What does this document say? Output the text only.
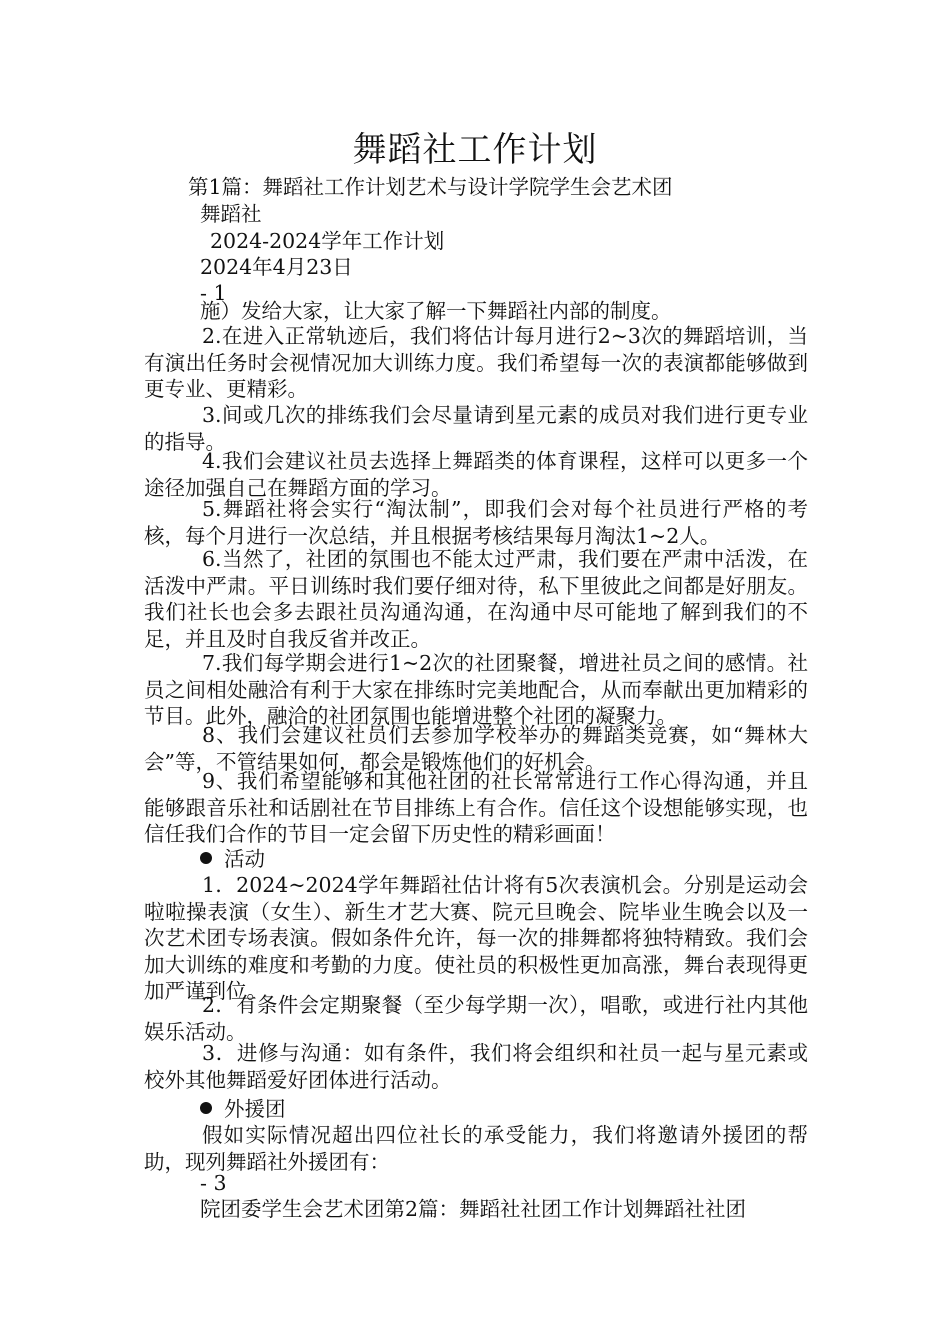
舞蹈社工作计划
第1篇：舞蹈社工作计划艺术与设计学院学生会艺术团
舞蹈社
2024-2024学年工作计划
2024年4月23日
- 1
施）发给大家，让大家了解一下舞蹈社内部的制度。
2.在进入正常轨迹后，我们将估计每月进行2~3次的舞蹈培训，当有演出任务时会视情况加大训练力度。我们希望每一次的表演都能够做到更专业、更精彩。
3.间或几次的排练我们会尽量请到星元素的成员对我们进行更专业的指导。
4.我们会建议社员去选择上舞蹈类的体育课程，这样可以更多一个途径加强自己在舞蹈方面的学习。
5.舞蹈社将会实行“淘汰制”，即我们会对每个社员进行严格的考核，每个月进行一次总结，并且根据考核结果每月淘汰1~2人。
6.当然了，社团的氛围也不能太过严肃，我们要在严肃中活泼，在活泼中严肃。平日训练时我们要仔细对待，私下里彼此之间都是好朋友。我们社长也会多去跟社员沟通沟通，在沟通中尽可能地了解到我们的不足，并且及时自我反省并改正。
7.我们每学期会进行1~2次的社团聚餐，增进社员之间的感情。社员之间相处融洽有利于大家在排练时完美地配合，从而奉献出更加精彩的节目。此外，融洽的社团氛围也能增进整个社团的凝聚力。
8、我们会建议社员们去参加学校举办的舞蹈类竞赛，如“舞林大会”等，不管结果如何，都会是锻炼他们的好机会。
9、我们希望能够和其他社团的社长常常进行工作心得沟通，并且能够跟音乐社和话剧社在节目排练上有合作。信任这个设想能够实现，也信任我们合作的节目一定会留下历史性的精彩画面！
活动
1．2024~2024学年舞蹈社估计将有5次表演机会。分别是运动会啦啦操表演（女生）、新生才艺大赛、院元旦晚会、院毕业生晚会以及一次艺术团专场表演。假如条件允许，每一次的排舞都将独特精致。我们会加大训练的难度和考勤的力度。使社员的积极性更加高涨，舞台表现得更加严谨到位。
2．有条件会定期聚餐（至少每学期一次），唱歌，或进行社内其他娱乐活动。
3．进修与沟通：如有条件，我们将会组织和社员一起与星元素或校外其他舞蹈爱好团体进行活动。
外援团
假如实际情况超出四位社长的承受能力，我们将邀请外援团的帮助，现列舞蹈社外援团有：
- 3
院团委学生会艺术团第2篇：舞蹈社社团工作计划舞蹈社社团
